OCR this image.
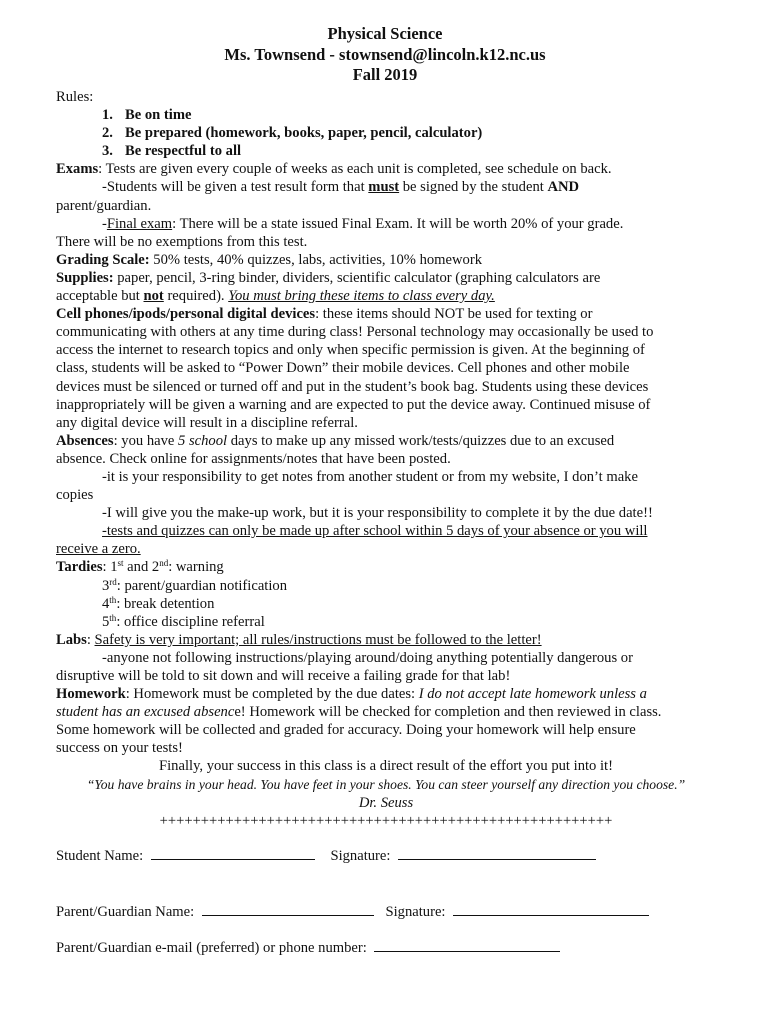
Physical Science
Ms. Townsend - stownsend@lincoln.k12.nc.us
Fall 2019
Rules:
1. Be on time
2. Be prepared (homework, books, paper, pencil, calculator)
3. Be respectful to all
Exams: Tests are given every couple of weeks as each unit is completed, see schedule on back.
-Students will be given a test result form that must be signed by the student AND
parent/guardian.
-Final exam: There will be a state issued Final Exam. It will be worth 20% of your grade.
There will be no exemptions from this test.
Grading Scale: 50% tests, 40% quizzes, labs, activities, 10% homework
Supplies: paper, pencil, 3-ring binder, dividers, scientific calculator (graphing calculators are
acceptable but not required). You must bring these items to class every day.
Cell phones/ipods/personal digital devices: these items should NOT be used for texting or
communicating with others at any time during class! Personal technology may occasionally be used to
access the internet to research topics and only when specific permission is given. At the beginning of
class, students will be asked to “Power Down” their mobile devices. Cell phones and other mobile
devices must be silenced or turned off and put in the student’s book bag. Students using these devices
inappropriately will be given a warning and are expected to put the device away. Continued misuse of
any digital device will result in a discipline referral.
Absences: you have 5 school days to make up any missed work/tests/quizzes due to an excused
absence. Check online for assignments/notes that have been posted.
-it is your responsibility to get notes from another student or from my website, I don’t make
copies
-I will give you the make-up work, but it is your responsibility to complete it by the due date!!
-tests and quizzes can only be made up after school within 5 days of your absence or you will
receive a zero.
Tardies: 1st and 2nd: warning
3rd: parent/guardian notification
4th: break detention
5th: office discipline referral
Labs: Safety is very important; all rules/instructions must be followed to the letter!
-anyone not following instructions/playing around/doing anything potentially dangerous or
disruptive will be told to sit down and will receive a failing grade for that lab!
Homework: Homework must be completed by the due dates: I do not accept late homework unless a
student has an excused absence! Homework will be checked for completion and then reviewed in class.
Some homework will be collected and graded for accuracy. Doing your homework will help ensure
success on your tests!
Finally, your success in this class is a direct result of the effort you put into it!
“You have brains in your head. You have feet in your shoes. You can steer yourself any direction you choose.”
Dr. Seuss
+++++++++++++++++++++++++++++++++++++++++++++++++++++++
Student Name:	Signature:
Parent/Guardian Name:	Signature:
Parent/Guardian e-mail (preferred) or phone number:
